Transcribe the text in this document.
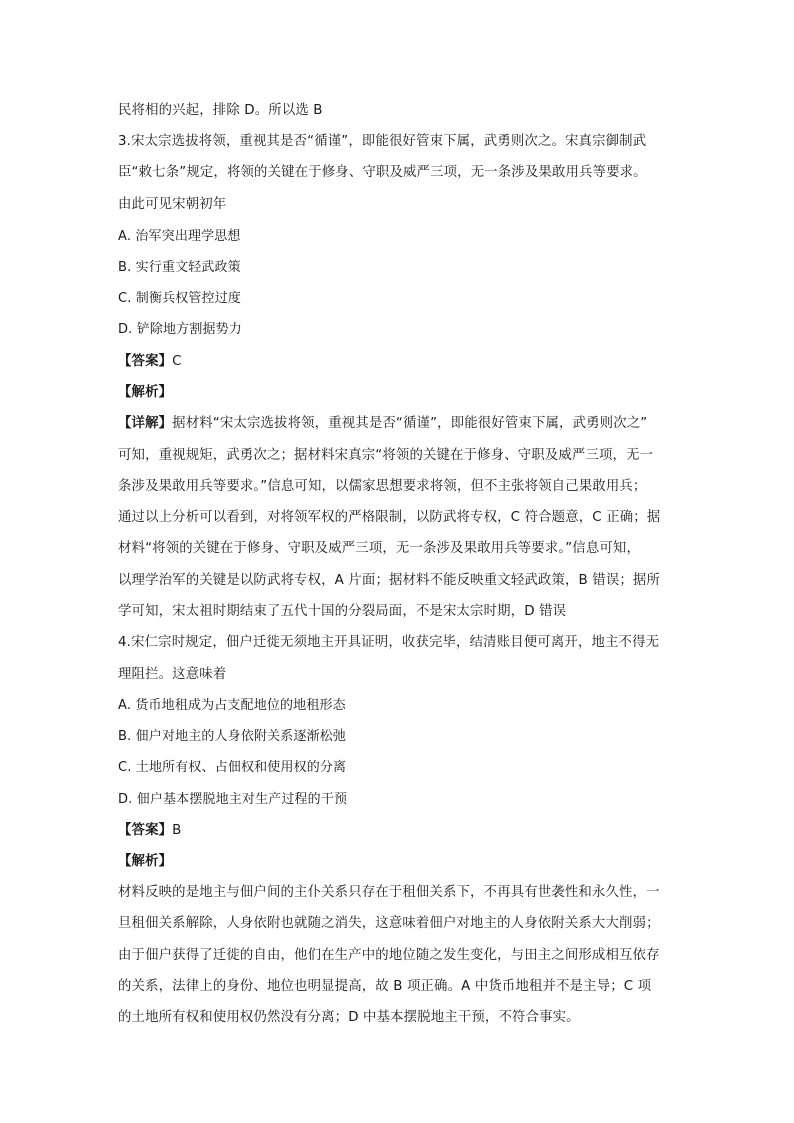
民将相的兴起，排除 D。所以选 B
3.宋太宗选拔将领，重视其是否“循谨”，即能很好管束下属，武勇则次之。宋真宗御制武
臣“敕七条”规定，将领的关键在于修身、守职及威严三项，无一条涉及果敢用兵等要求。
由此可见宋朝初年
A. 治军突出理学思想
B. 实行重文轻武政策
C. 制衡兵权管控过度
D. 铲除地方割据势力
【答案】C
【解析】
【详解】据材料“宋太宗选拔将领，重视其是否“循谨”，即能很好管束下属，武勇则次之”
可知，重视规矩，武勇次之；据材料宋真宗“将领的关键在于修身、守职及威严三项，无一
条涉及果敢用兵等要求。”信息可知，以儒家思想要求将领，但不主张将领自己果敢用兵；
通过以上分析可以看到，对将领军权的严格限制，以防武将专权，C 符合题意，C 正确；据
材料“将领的关键在于修身、守职及威严三项，无一条涉及果敢用兵等要求。”信息可知，
以理学治军的关键是以防武将专权，A 片面；据材料不能反映重文轻武政策，B 错误；据所
学可知，宋太祖时期结束了五代十国的分裂局面，不是宋太宗时期，D 错误
4.宋仁宗时规定，佃户迁徙无须地主开具证明，收获完毕，结清账目便可离开，地主不得无
理阻拦。这意味着
A. 货币地租成为占支配地位的地租形态
B. 佃户对地主的人身依附关系逐渐松弛
C. 土地所有权、占佃权和使用权的分离
D. 佃户基本摆脱地主对生产过程的干预
【答案】B
【解析】
材料反映的是地主与佃户间的主仆关系只存在于租佃关系下，不再具有世袭性和永久性，一
旦租佃关系解除，人身依附也就随之消失，这意味着佃户对地主的人身依附关系大大削弱；
由于佃户获得了迁徙的自由，他们在生产中的地位随之发生变化，与田主之间形成相互依存
的关系，法律上的身份、地位也明显提高，故 B 项正确。A 中货币地租并不是主导；C 项
的土地所有权和使用权仍然没有分离；D 中基本摆脱地主干预，不符合事实。
